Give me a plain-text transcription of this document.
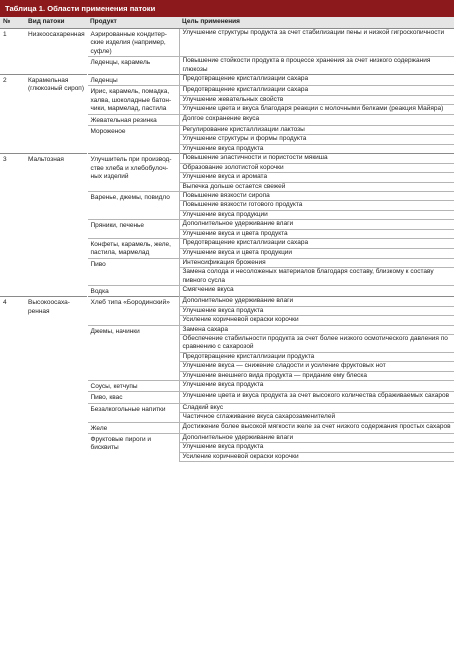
Таблица 1. Области применения патоки
№	Вид патоки	Продукт	Цель применения
1	Низкоосахаренная	Аэрированные кондитер-ские изделия (например, суфле)	Улучшение структуры продукта за счет стабилизации пены и низкой гигроскопичности
		Леденцы, карамель	Повышение стойкости продукта в процессе хранения за счет низкого содержания глюкозы
2	Карамельная (глюкозный сироп)	Леденцы	Предотвращение кристаллизации сахара
		Ирис, карамель, помадка, халва, шоколадные батон-чики, мармелад, пастила	Предотвращение кристаллизации сахара
			Улучшение жевательных свойств
			Улучшение цвета и вкуса благодаря реакции с молочными белками (реакция Майяра)
		Жевательная резинка	Долгое сохранение вкуса
		Мороженое	Регулирование кристаллизации лактозы
			Улучшение структуры и формы продукта
			Улучшение вкуса продукта
3	Мальтозная	Улучшитель при производ-стве хлеба и хлебобулоч-ных изделий	Повышение эластичности и пористости мякиша
			Образование золотистой корочки
			Улучшение вкуса и аромата
			Выпечка дольше остается свежей
		Варенье, джемы, повидло	Повышение вязкости сиропа
			Повышение вязкости готового продукта
			Улучшение вкуса продукции
		Пряники, печенье	Дополнительное удерживание влаги
			Улучшение вкуса и цвета продукта
		Конфеты, карамель, желе, пастила, мармелад	Предотвращение кристаллизации сахара
			Улучшение вкуса и цвета продукции
		Пиво	Интенсификация брожения
			Замена солода и несоложеных материалов благодаря составу, близкому к составу пивного сусла
		Водка	Смягчение вкуса
4	Высокоосаха-ренная	Хлеб типа «Бородинский»	Дополнительное удерживание влаги
			Улучшение вкуса продукта
			Усиление коричневой окраски корочки
		Джемы, начинки	Замена сахара
			Обеспечение стабильности продукта за счет более низкого осмотического давления по сравнению с сахарозой
			Предотвращение кристаллизации продукта
			Улучшение вкуса — снижение сладости и усиление фруктовых нот
			Улучшение внешнего вида продукта — придание ему блеска
		Соусы, кетчупы	Улучшение вкуса продукта
		Пиво, квас	Улучшение цвета и вкуса продукта за счет высокого количества сбраживаемых сахаров
		Безалкогольные напитки	Сладкий вкус
			Частичное сглаживание вкуса сахарозаменителей
		Желе	Достижение более высокой мягкости желе за счет низкого содержания простых сахаров
		Фруктовые пироги и бисквиты	Дополнительное удерживание влаги
			Улучшение вкуса продукта
			Усиление коричневой окраски корочки
